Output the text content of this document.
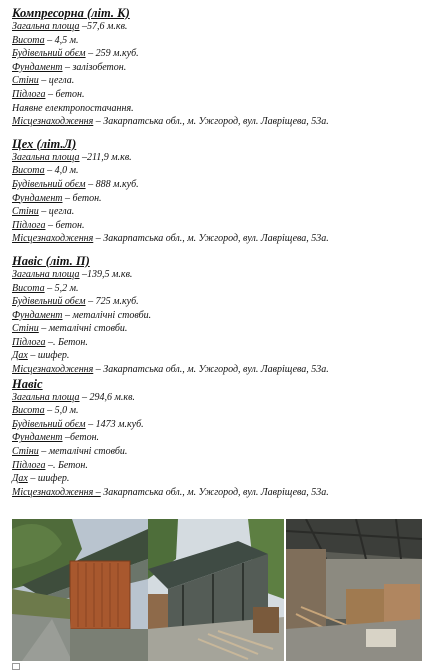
Компресорна (літ. К)
Загальна площа –57,6 м.кв.
Висота – 4,5 м.
Будівельний обєм – 259 м.куб.
Фундамент – залізобетон.
Стіни – цегла.
Підлога – бетон.
Наявне електропостачання.
Місцезнаходження – Закарпатська обл., м. Ужгород, вул. Лавріщева, 53а.
Цех (літ.Л)
Загальна площа –211,9 м.кв.
Висота – 4,0 м.
Будівельний обєм – 888 м.куб.
Фундамент – бетон.
Стіни – цегла.
Підлога – бетон.
Місцезнаходження – Закарпатська обл., м. Ужгород, вул. Лавріщева, 53а.
Навіс (літ. П)
Загальна площа –139,5 м.кв.
Висота – 5,2 м.
Будівельний обєм – 725 м.куб.
Фундамент – металічні стовби.
Стіни – металічні стовби.
Підлога –. Бетон.
Дах – шифер.
Місцезнаходження – Закарпатська обл., м. Ужгород, вул. Лавріщева, 53а.
Навіс
Загальна площа – 294,6 м.кв.
Висота – 5,0 м.
Будівельний обєм – 1473 м.куб.
Фундамент –бетон.
Стіни – металічні стовби.
Підлога –. Бетон.
Дах – шифер.
Місцезнаходження – Закарпатська обл., м. Ужгород, вул. Лавріщева, 53а.
